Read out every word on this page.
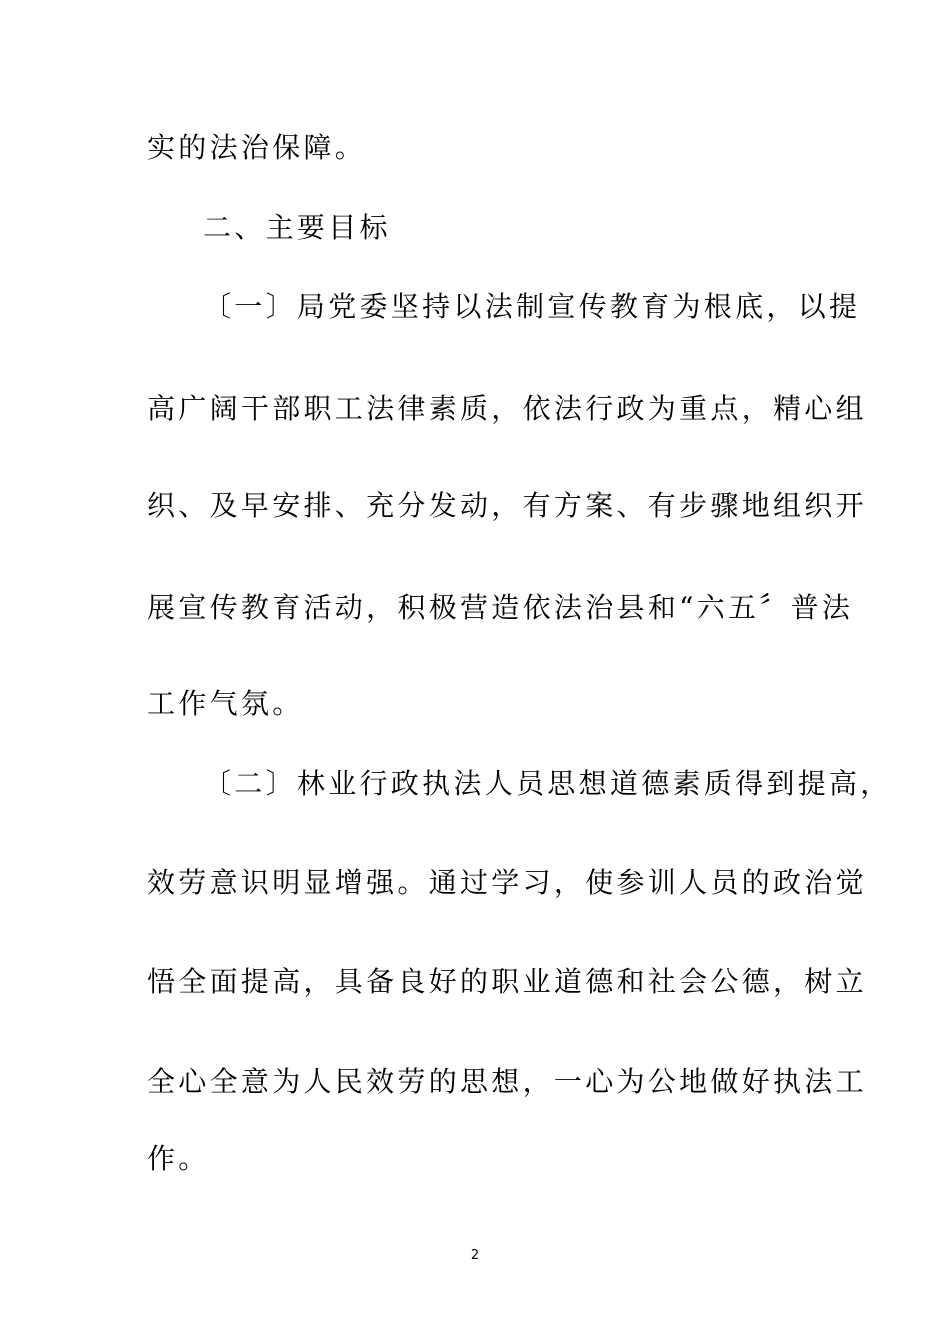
实的法治保障。
二、主要目标
〔一〕局党委坚持以法制宣传教育为根底，以提
高广阔干部职工法律素质，依法行政为重点，精心组
织、及早安排、充分发动，有方案、有步骤地组织开
展宣传教育活动，积极营造依法治县和“六五〞普法
工作气氛。
〔二〕林业行政执法人员思想道德素质得到提高，
效劳意识明显增强。通过学习，使参训人员的政治觉
悟全面提高，具备良好的职业道德和社会公德，树立
全心全意为人民效劳的思想，一心为公地做好执法工
作。
2
